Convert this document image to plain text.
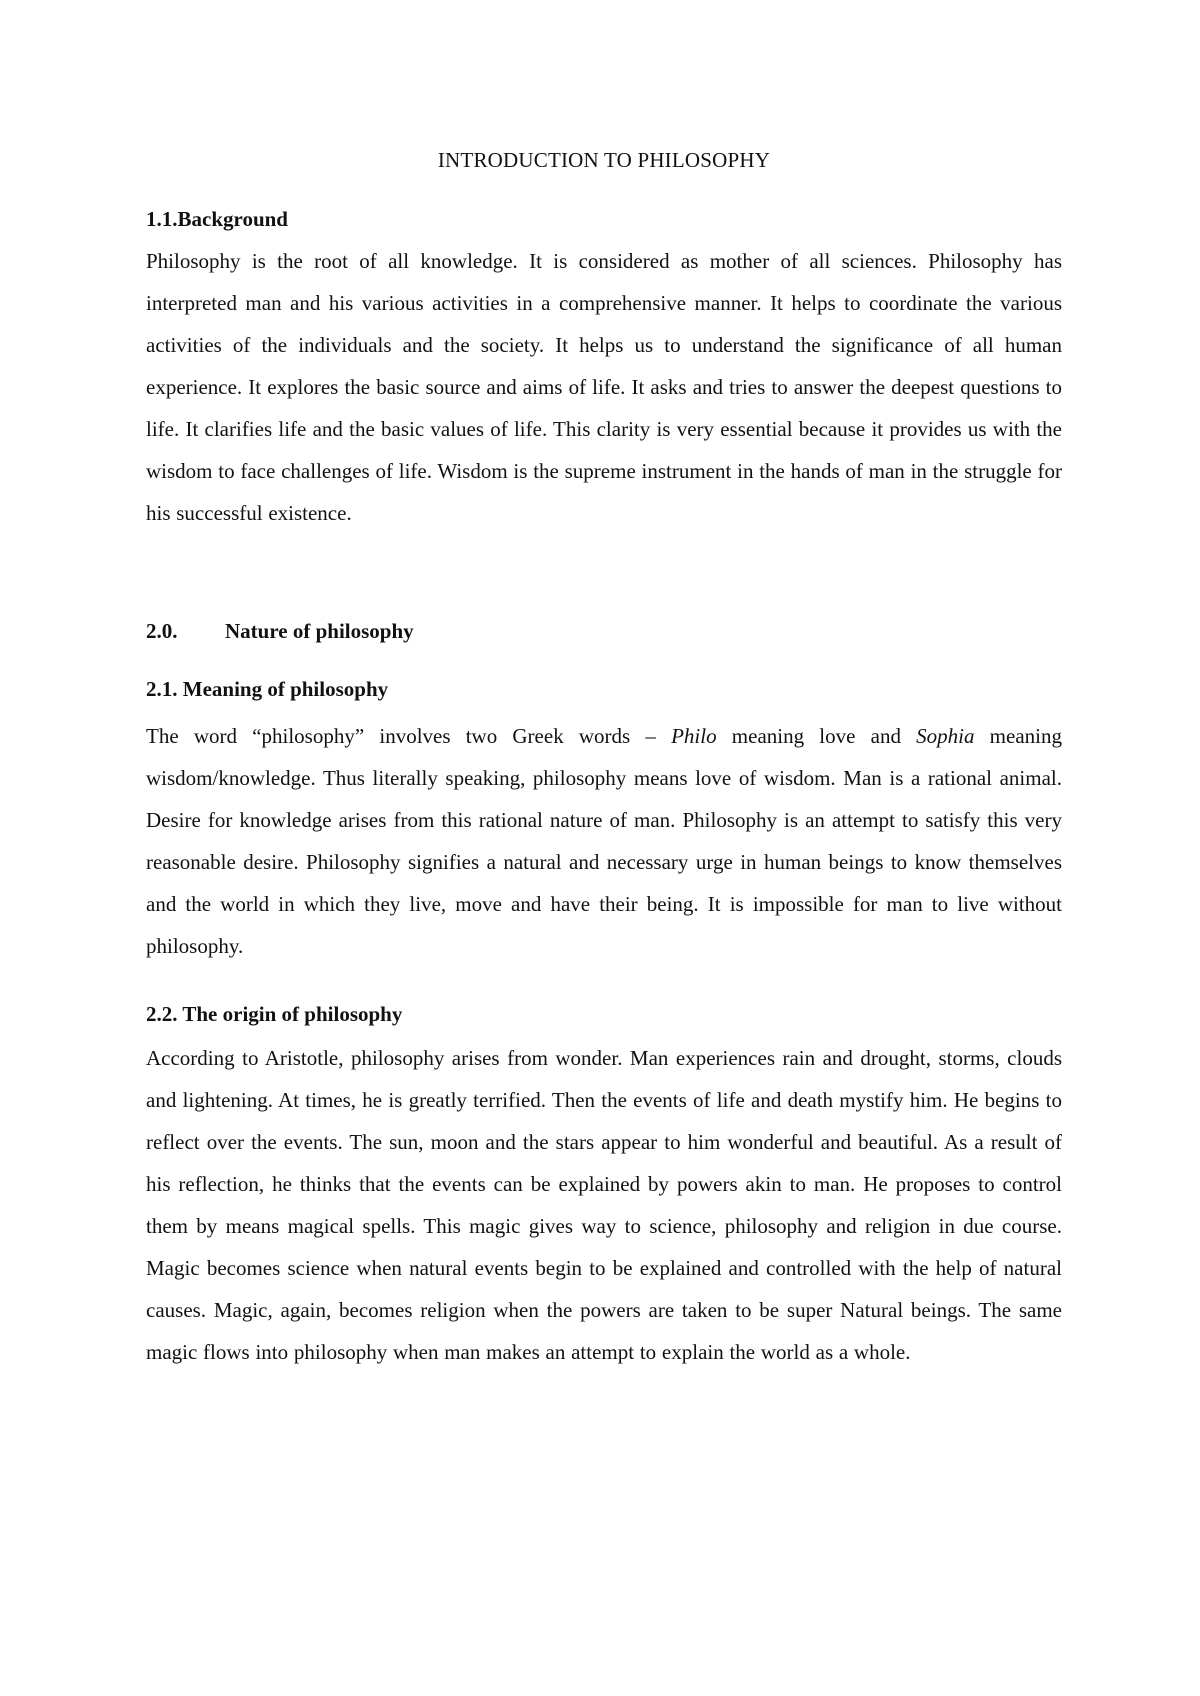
INTRODUCTION TO PHILOSOPHY
1.1.Background

Philosophy is the root of all knowledge. It is considered as mother of all sciences. Philosophy has interpreted man and his various activities in a comprehensive manner. It helps to coordinate the various activities of the individuals and the society. It helps us to understand the significance of all human experience. It explores the basic source and aims of life. It asks and tries to answer the deepest questions to life. It clarifies life and the basic values of life. This clarity is very essential because it provides us with the wisdom to face challenges of life. Wisdom is the supreme instrument in the hands of man in the struggle for his successful existence.

2.0. Nature of philosophy
2.1. Meaning of philosophy

The word “philosophy” involves two Greek words – Philo meaning love and Sophia meaning wisdom/knowledge. Thus literally speaking, philosophy means love of wisdom. Man is a rational animal. Desire for knowledge arises from this rational nature of man. Philosophy is an attempt to satisfy this very reasonable desire. Philosophy signifies a natural and necessary urge in human beings to know themselves and the world in which they live, move and have their being. It is impossible for man to live without philosophy.

2.2. The origin of philosophy

According to Aristotle, philosophy arises from wonder. Man experiences rain and drought, storms, clouds and lightening. At times, he is greatly terrified. Then the events of life and death mystify him. He begins to reflect over the events. The sun, moon and the stars appear to him wonderful and beautiful. As a result of his reflection, he thinks that the events can be explained by powers akin to man. He proposes to control them by means magical spells. This magic gives way to science, philosophy and religion in due course. Magic becomes science when natural events begin to be explained and controlled with the help of natural causes. Magic, again, becomes religion when the powers are taken to be super Natural beings. The same magic flows into philosophy when man makes an attempt to explain the world as a whole.
